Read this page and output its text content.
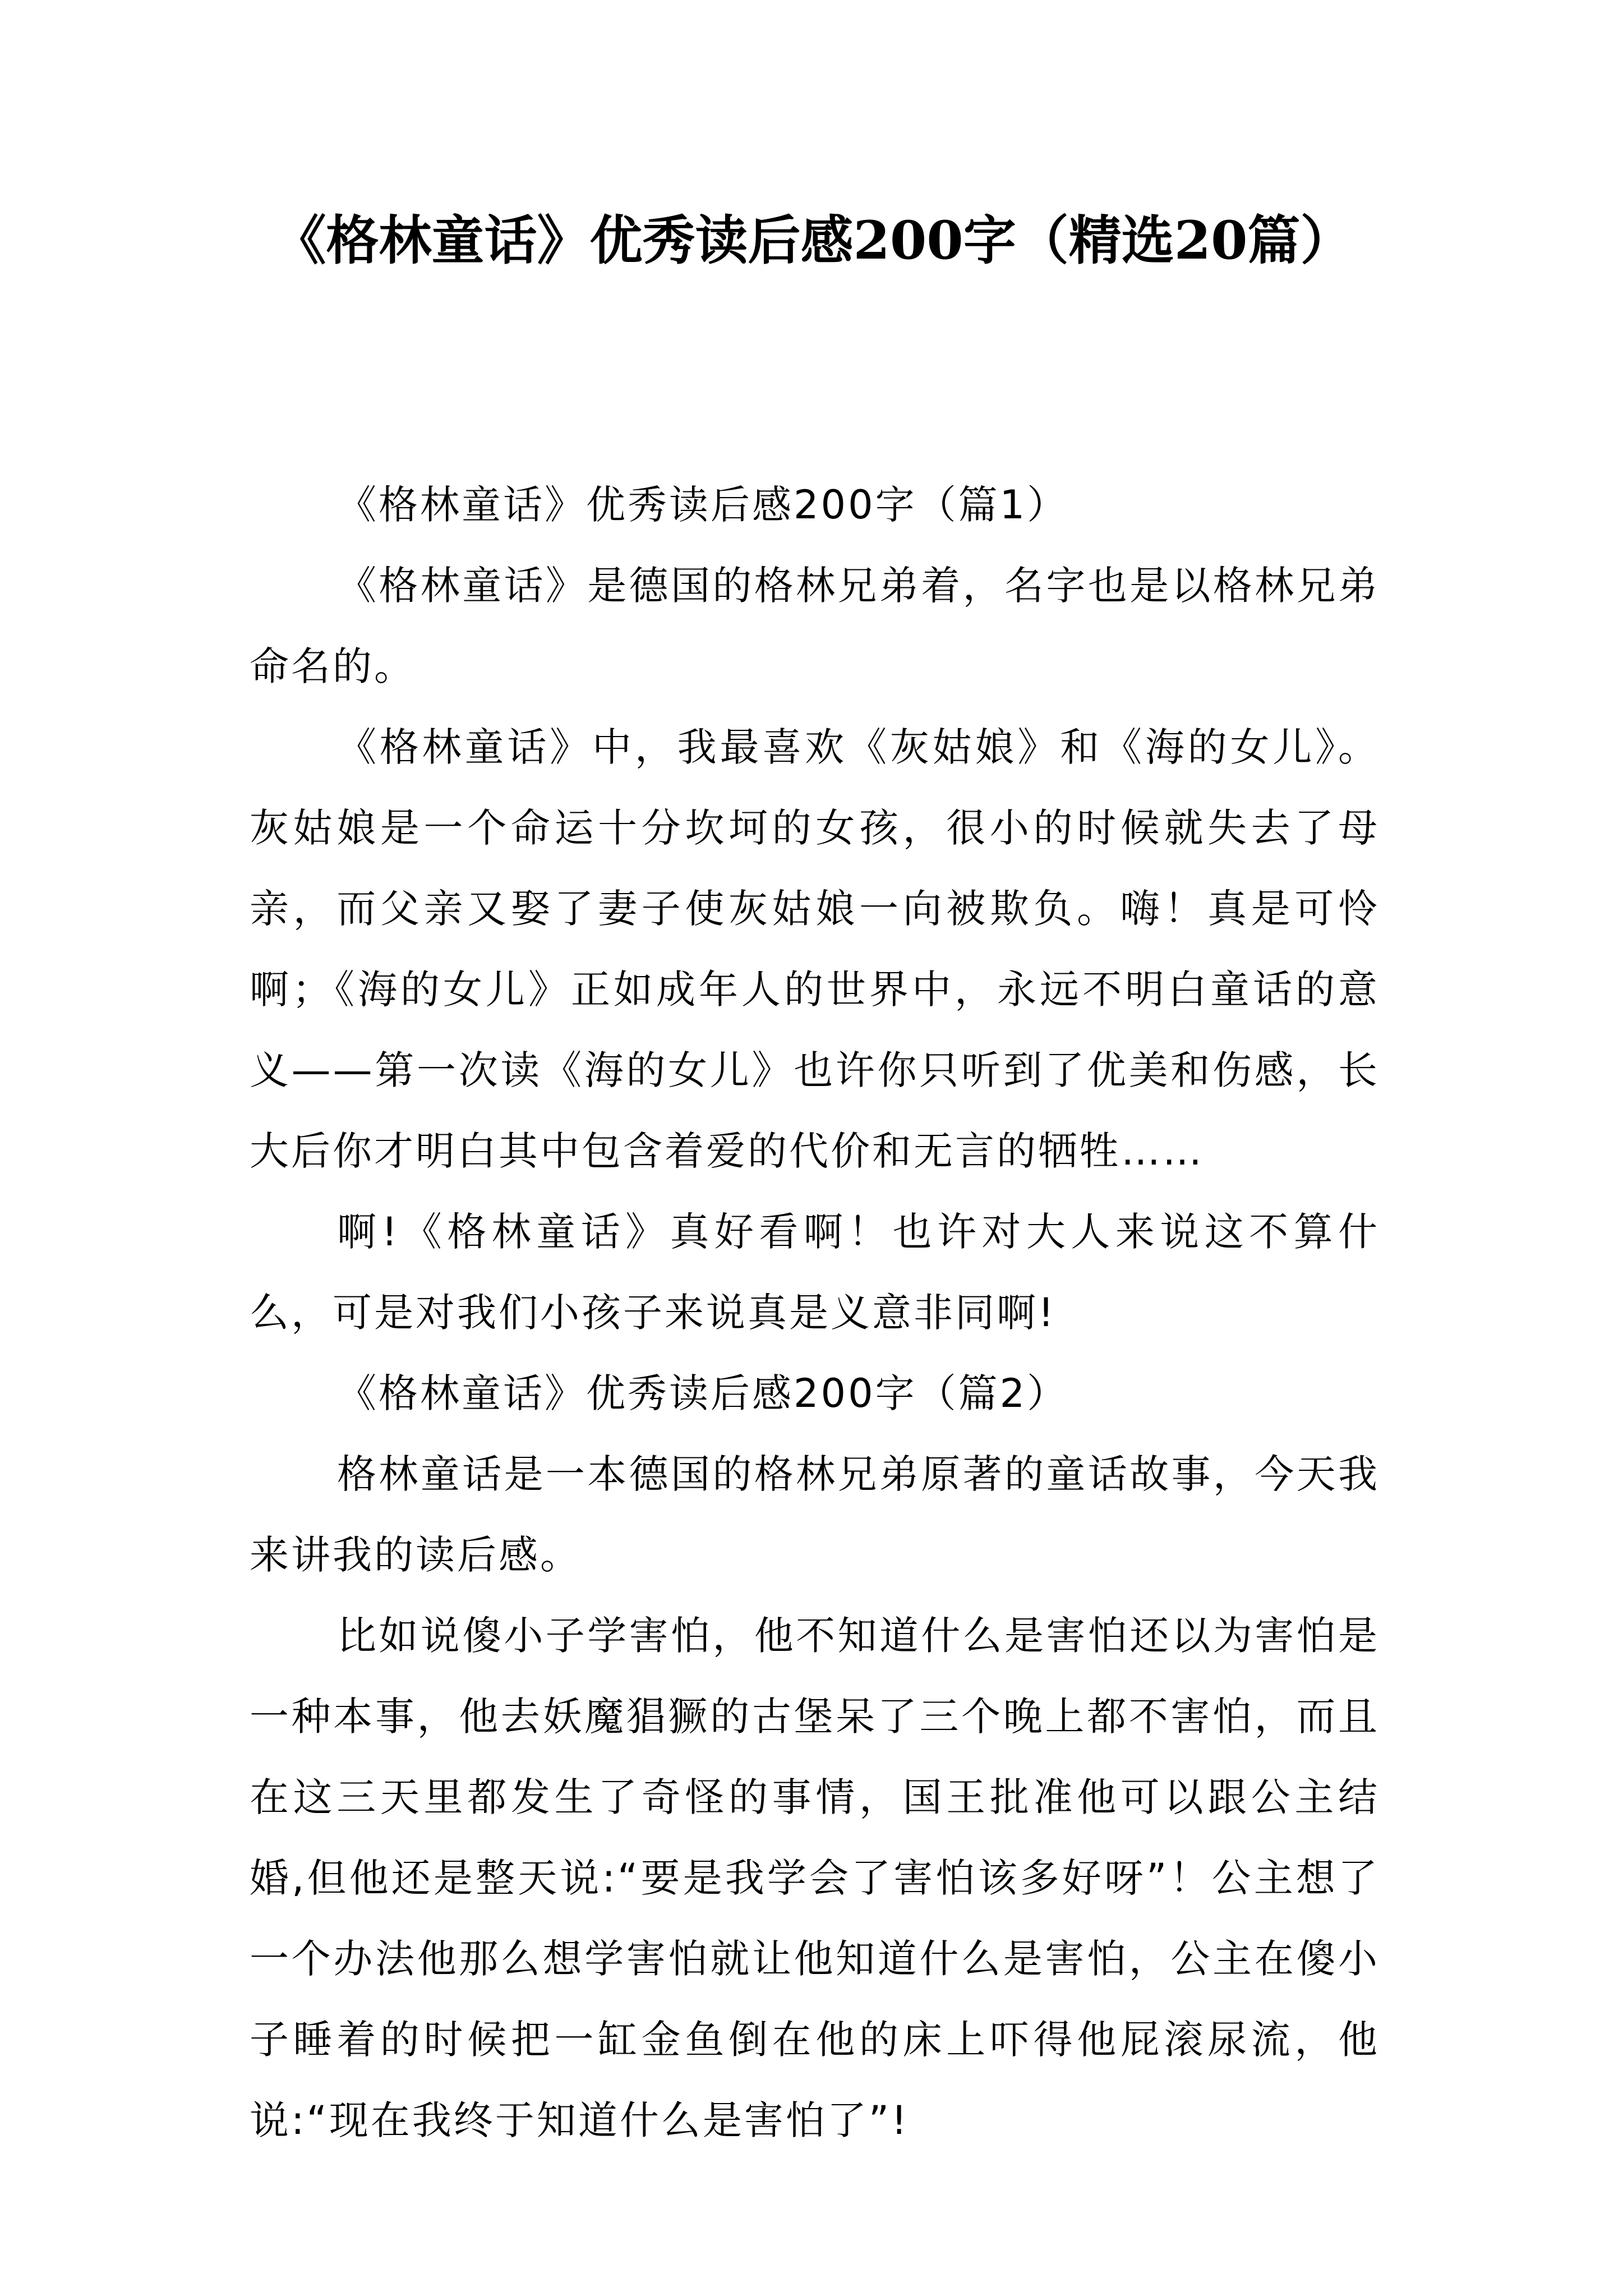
《格林童话》优秀读后感200字（精选20篇）

《格林童话》优秀读后感200字（篇1）

《格林童话》是德国的格林兄弟着，名字也是以格林兄弟命名的。

《格林童话》中，我最喜欢《灰姑娘》和《海的女儿》。灰姑娘是一个命运十分坎坷的女孩，很小的时候就失去了母亲，而父亲又娶了妻子使灰姑娘一向被欺负。嗨！真是可怜啊；《海的女儿》正如成年人的世界中，永远不明白童话的意义——第一次读《海的女儿》也许你只听到了优美和伤感，长大后你才明白其中包含着爱的代价和无言的牺牲……

啊!《格林童话》真好看啊！也许对大人来说这不算什么，可是对我们小孩子来说真是义意非同啊!

《格林童话》优秀读后感200字（篇2）

格林童话是一本德国的格林兄弟原著的童话故事，今天我来讲我的读后感。

比如说傻小子学害怕，他不知道什么是害怕还以为害怕是一种本事，他去妖魔猖獗的古堡呆了三个晚上都不害怕，而且在这三天里都发生了奇怪的事情，国王批准他可以跟公主结婚,但他还是整天说:“要是我学会了害怕该多好呀”！公主想了一个办法他那么想学害怕就让他知道什么是害怕，公主在傻小子睡着的时候把一缸金鱼倒在他的床上吓得他屁滚尿流，他说:“现在我终于知道什么是害怕了”!
